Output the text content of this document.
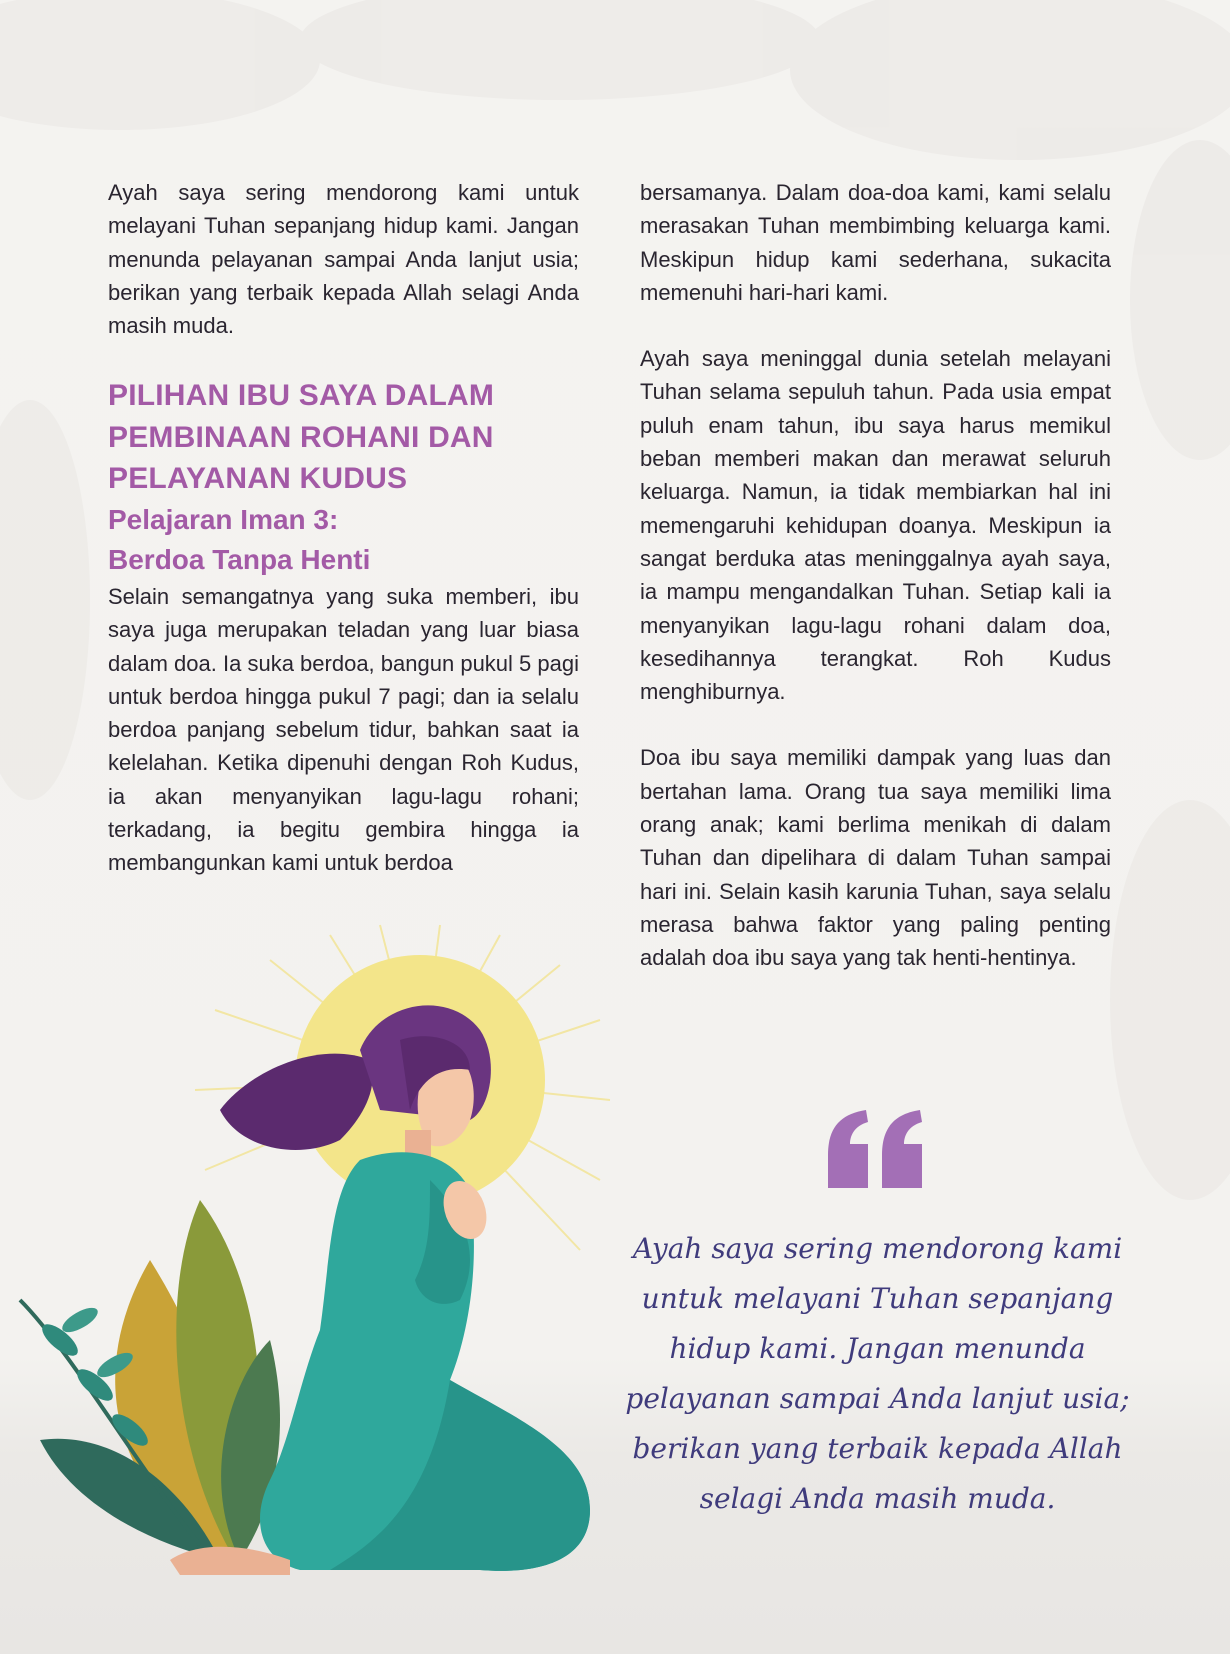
Ayah saya sering mendorong kami untuk melayani Tuhan sepanjang hidup kami. Jangan menunda pelayanan sampai Anda lanjut usia; berikan yang terbaik kepada Allah selagi Anda masih muda.

PILIHAN IBU SAYA DALAM
PEMBINAAN ROHANI DAN
PELAYANAN KUDUS
Pelajaran Iman 3:
Berdoa Tanpa Henti

Selain semangatnya yang suka memberi, ibu saya juga merupakan teladan yang luar biasa dalam doa. Ia suka berdoa, bangun pukul 5 pagi untuk berdoa hingga pukul 7 pagi; dan ia selalu berdoa panjang sebelum tidur, bahkan saat ia kelelahan. Ketika dipenuhi dengan Roh Kudus, ia akan menyanyikan lagu-lagu rohani; terkadang, ia begitu gembira hingga ia membangunkan kami untuk berdoa

bersamanya. Dalam doa-doa kami, kami selalu merasakan Tuhan membimbing keluarga kami. Meskipun hidup kami sederhana, sukacita memenuhi hari-hari kami.

Ayah saya meninggal dunia setelah melayani Tuhan selama sepuluh tahun. Pada usia empat puluh enam tahun, ibu saya harus memikul beban memberi makan dan merawat seluruh keluarga. Namun, ia tidak membiarkan hal ini memengaruhi kehidupan doanya. Meskipun ia sangat berduka atas meninggalnya ayah saya, ia mampu mengandalkan Tuhan. Setiap kali ia menyanyikan lagu-lagu rohani dalam doa, kesedihannya terangkat. Roh Kudus menghiburnya.

Doa ibu saya memiliki dampak yang luas dan bertahan lama. Orang tua saya memiliki lima orang anak; kami berlima menikah di dalam Tuhan dan dipelihara di dalam Tuhan sampai hari ini. Selain kasih karunia Tuhan, saya selalu merasa bahwa faktor yang paling penting adalah doa ibu saya yang tak henti-hentinya.

Ayah saya sering mendorong kami
untuk melayani Tuhan sepanjang
hidup kami. Jangan menunda
pelayanan sampai Anda lanjut usia;
berikan yang terbaik kepada Allah
selagi Anda masih muda.
